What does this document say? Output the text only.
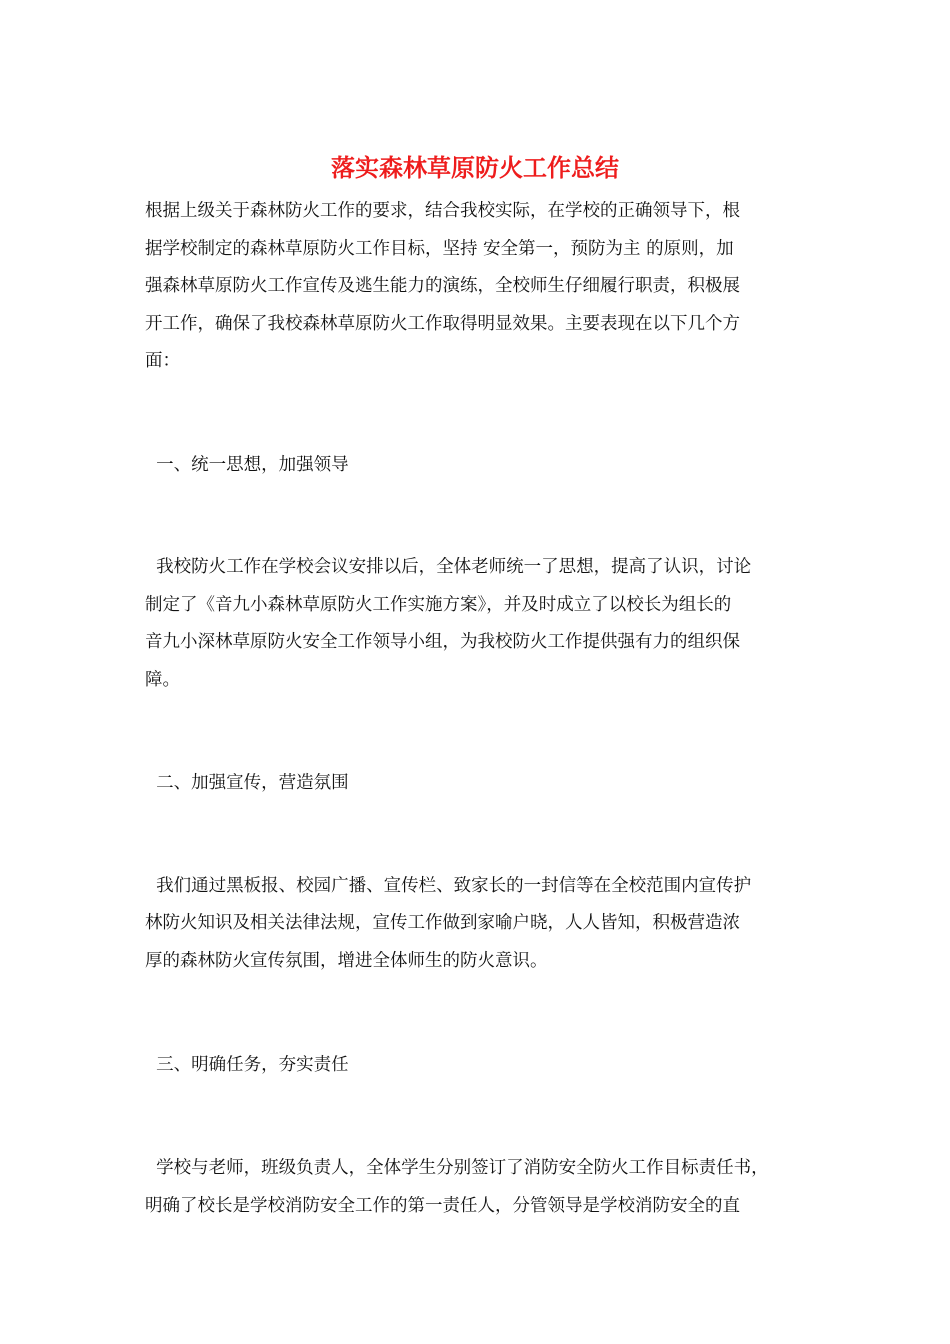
落实森林草原防火工作总结
根据上级关于森林防火工作的要求，结合我校实际，在学校的正确领导下，根
据学校制定的森林草原防火工作目标，坚持 安全第一，预防为主 的原则，加
强森林草原防火工作宣传及逃生能力的演练，全校师生仔细履行职责，积极展
开工作，确保了我校森林草原防火工作取得明显效果。主要表现在以下几个方
面：
一、统一思想，加强领导
我校防火工作在学校会议安排以后，全体老师统一了思想，提高了认识，讨论
制定了《音九小森林草原防火工作实施方案》，并及时成立了以校长为组长的
音九小深林草原防火安全工作领导小组，为我校防火工作提供强有力的组织保
障。
二、加强宣传，营造氛围
我们通过黑板报、校园广播、宣传栏、致家长的一封信等在全校范围内宣传护
林防火知识及相关法律法规，宣传工作做到家喻户晓，人人皆知，积极营造浓
厚的森林防火宣传氛围，增进全体师生的防火意识。
三、明确任务，夯实责任
学校与老师，班级负责人，全体学生分别签订了消防安全防火工作目标责任书，
明确了校长是学校消防安全工作的第一责任人，分管领导是学校消防安全的直
